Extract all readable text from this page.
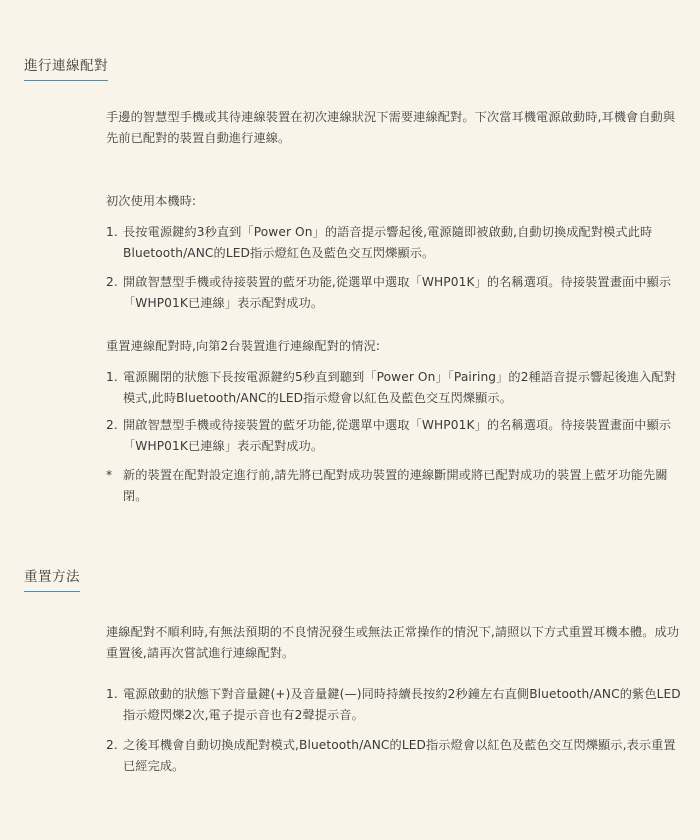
進行連線配對

手邊的智慧型手機或其待連線裝置在初次連線狀況下需要連線配對。下次當耳機電源啟動時,耳機會自動與先前已配對的裝置自動進行連線。

初次使用本機時:

1. 長按電源鍵約3秒直到「Power On」的語音提示響起後,電源隨即被啟動,自動切換成配對模式此時Bluetooth/ANC的LED指示燈紅色及藍色交互閃爍顯示。
2. 開啟智慧型手機或待接裝置的藍牙功能,從選單中選取「WHP01K」的名稱選項。待接裝置畫面中顯示「WHP01K已連線」表示配對成功。

重置連線配對時,向第2台裝置進行連線配對的情況:

1. 電源關閉的狀態下長按電源鍵約5秒直到聽到「Power On」「Pairing」的2種語音提示響起後進入配對模式,此時Bluetooth/ANC的LED指示燈會以紅色及藍色交互閃爍顯示。
2. 開啟智慧型手機或待接裝置的藍牙功能,從選單中選取「WHP01K」的名稱選項。待接裝置畫面中顯示「WHP01K已連線」表示配對成功。
* 新的裝置在配對設定進行前,請先將已配對成功裝置的連線斷開或將已配對成功的裝置上藍牙功能先關閉。
重置方法

連線配對不順利時,有無法預期的不良情況發生或無法正常操作的情況下,請照以下方式重置耳機本體。成功重置後,請再次嘗試進行連線配對。

1. 電源啟動的狀態下對音量鍵(+)及音量鍵(—)同時持續長按約2秒鐘左右直側Bluetooth/ANC的紫色LED指示燈閃爍2次,電子提示音也有2聲提示音。
2. 之後耳機會自動切換成配對模式,Bluetooth/ANC的LED指示燈會以紅色及藍色交互閃爍顯示,表示重置已經完成。
